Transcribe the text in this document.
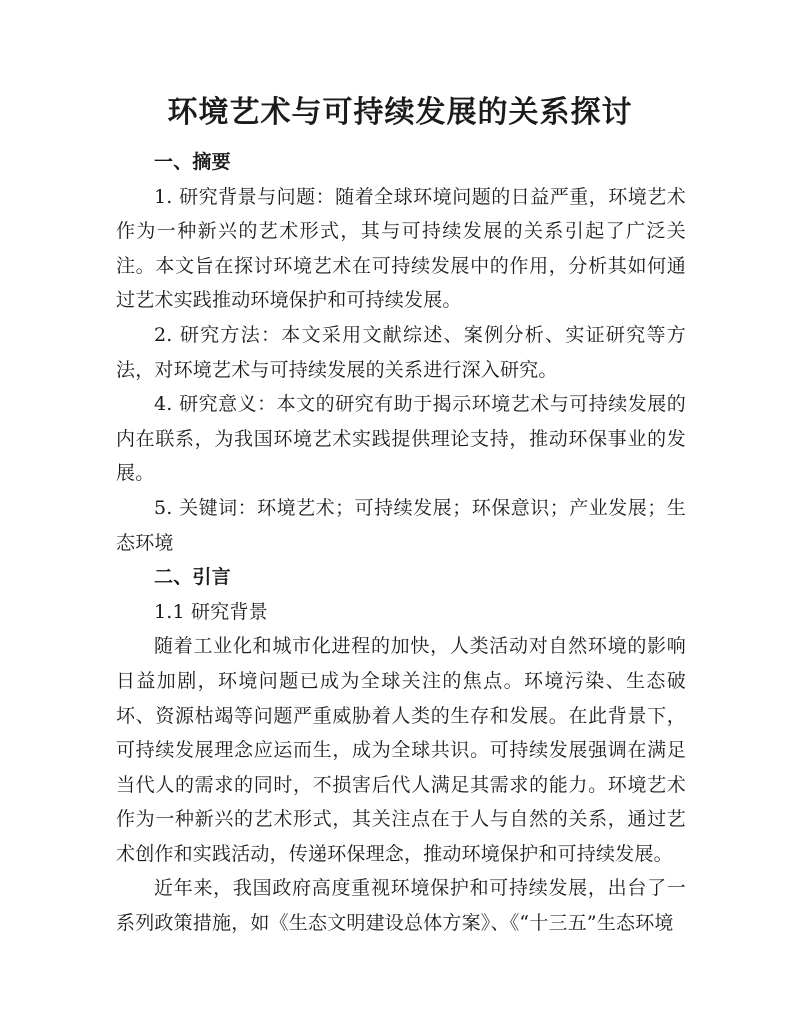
环境艺术与可持续发展的关系探讨
一、摘要

1. 研究背景与问题：随着全球环境问题的日益严重，环境艺术作为一种新兴的艺术形式，其与可持续发展的关系引起了广泛关注。本文旨在探讨环境艺术在可持续发展中的作用，分析其如何通过艺术实践推动环境保护和可持续发展。

2. 研究方法：本文采用文献综述、案例分析、实证研究等方法，对环境艺术与可持续发展的关系进行深入研究。

4. 研究意义：本文的研究有助于揭示环境艺术与可持续发展的内在联系，为我国环境艺术实践提供理论支持，推动环保事业的发展。

5. 关键词：环境艺术；可持续发展；环保意识；产业发展；生态环境

二、引言

1.1 研究背景

随着工业化和城市化进程的加快，人类活动对自然环境的影响日益加剧，环境问题已成为全球关注的焦点。环境污染、生态破坏、资源枯竭等问题严重威胁着人类的生存和发展。在此背景下，可持续发展理念应运而生，成为全球共识。可持续发展强调在满足当代人的需求的同时，不损害后代人满足其需求的能力。环境艺术作为一种新兴的艺术形式，其关注点在于人与自然的关系，通过艺术创作和实践活动，传递环保理念，推动环境保护和可持续发展。

近年来，我国政府高度重视环境保护和可持续发展，出台了一系列政策措施，如《生态文明建设总体方案》、《“十三五”生态环境
